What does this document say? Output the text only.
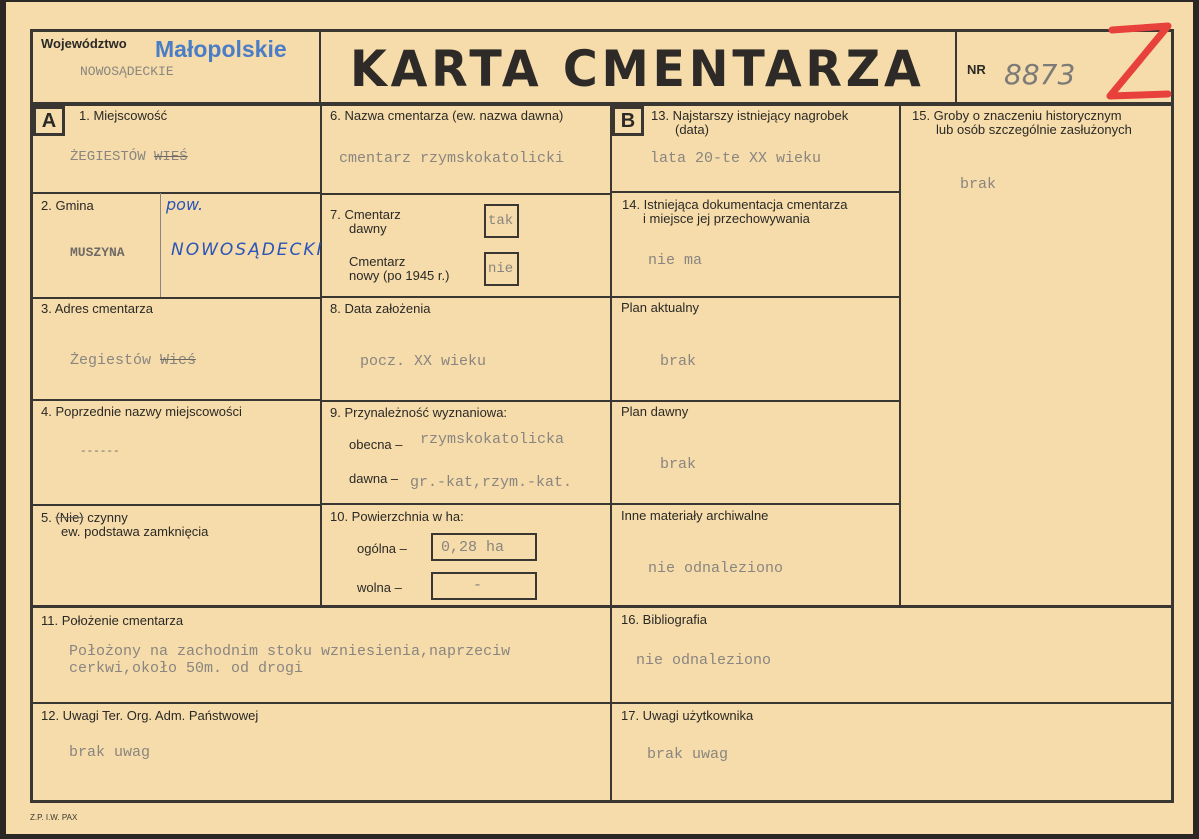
Województwo Małopolskie
NOWOSĄDECKIE	KARTA CMENTARZA	NR 8873
A	1. Miejscowość
ŻEGIESTÓW WIEŚ
2. Gmina
MUSZYNA
pow.
NOWOSĄDECKI
3. Adres cmentarza
Żegiestów Wieś
4. Poprzednie nazwy miejscowości
------
5. (Nie) czynny
ew. podstawa zamknięcia
6. Nazwa cmentarza (ew. nazwa dawna)
cmentarz rzymskokatolicki
7. Cmentarz
dawny	tak
Cmentarz
nowy (po 1945 r.)	nie
8. Data założenia
pocz. XX wieku
9. Przynależność wyznaniowa:
obecna – rzymskokatolicka
dawna – gr.-kat,rzym.-kat.
10. Powierzchnia w ha:
ogólna – 0,28 ha
wolna –	-
11. Położenie cmentarza
Położony na zachodnim stoku wzniesienia,naprzeciw
cerkwi,około 50m. od drogi
12. Uwagi Ter. Org. Adm. Państwowej
brak uwag
B	13. Najstarszy istniejący nagrobek
(data)
lata 20-te XX wieku
14. Istniejąca dokumentacja cmentarza
i miejsce jej przechowywania
nie ma
Plan aktualny
brak
Plan dawny
brak
Inne materiały archiwalne
nie odnaleziono
15. Groby o znaczeniu historycznym
lub osób szczególnie zasłużonych
brak
16. Bibliografia
nie odnaleziono
17. Uwagi użytkownika
brak uwag
Z.P. I.W. PAX
